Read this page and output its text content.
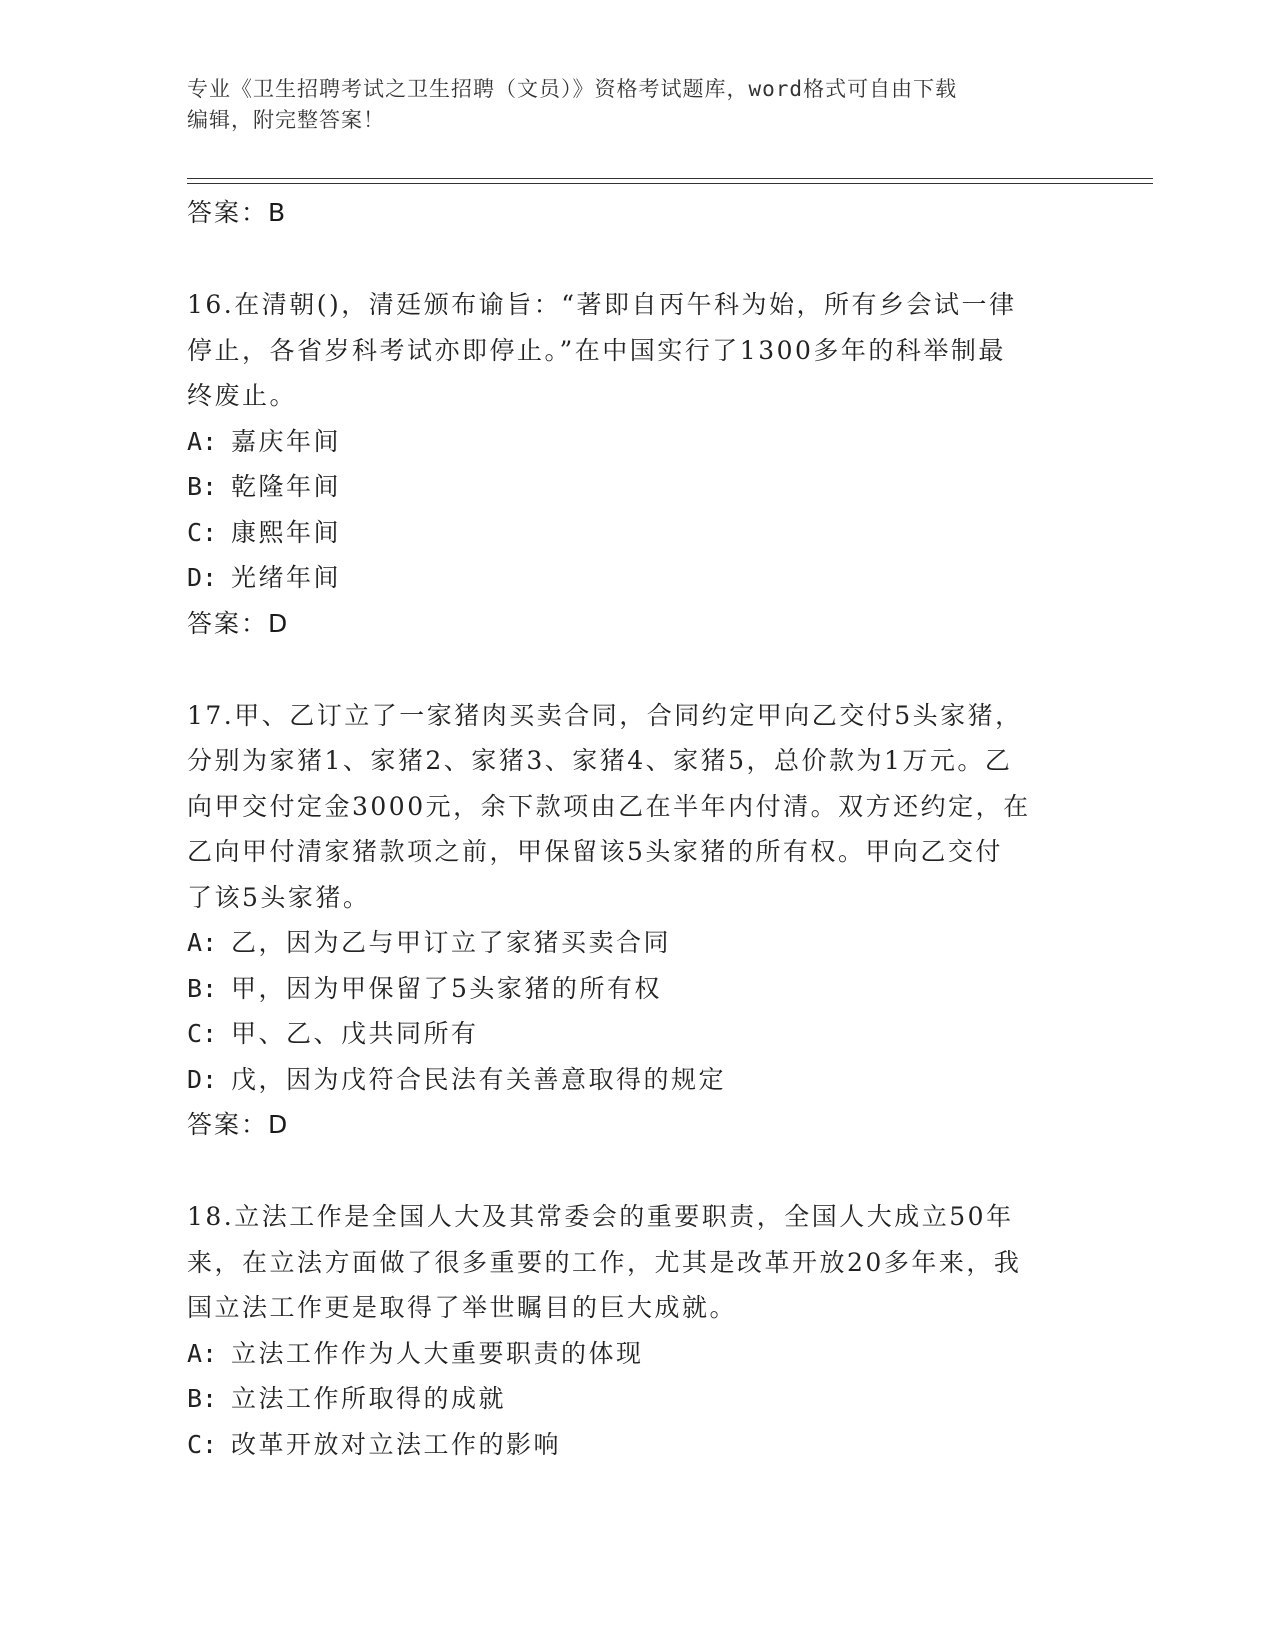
专业《卫生招聘考试之卫生招聘（文员）》资格考试题库，word格式可自由下载
编辑，附完整答案！
答案：B
16.在清朝()，清廷颁布谕旨：“著即自丙午科为始，所有乡会试一律
停止，各省岁科考试亦即停止。”在中国实行了1300多年的科举制最
终废止。
A: 嘉庆年间
B: 乾隆年间
C: 康熙年间
D: 光绪年间
答案：D
17.甲、乙订立了一家猪肉买卖合同，合同约定甲向乙交付5头家猪，
分别为家猪1、家猪2、家猪3、家猪4、家猪5，总价款为1万元。乙
向甲交付定金3000元，余下款项由乙在半年内付清。双方还约定，在
乙向甲付清家猪款项之前，甲保留该5头家猪的所有权。甲向乙交付
了该5头家猪。
A: 乙，因为乙与甲订立了家猪买卖合同
B: 甲，因为甲保留了5头家猪的所有权
C: 甲、乙、戊共同所有
D: 戊，因为戊符合民法有关善意取得的规定
答案：D
18.立法工作是全国人大及其常委会的重要职责，全国人大成立50年
来，在立法方面做了很多重要的工作，尤其是改革开放20多年来，我
国立法工作更是取得了举世瞩目的巨大成就。
A: 立法工作作为人大重要职责的体现
B: 立法工作所取得的成就
C: 改革开放对立法工作的影响
